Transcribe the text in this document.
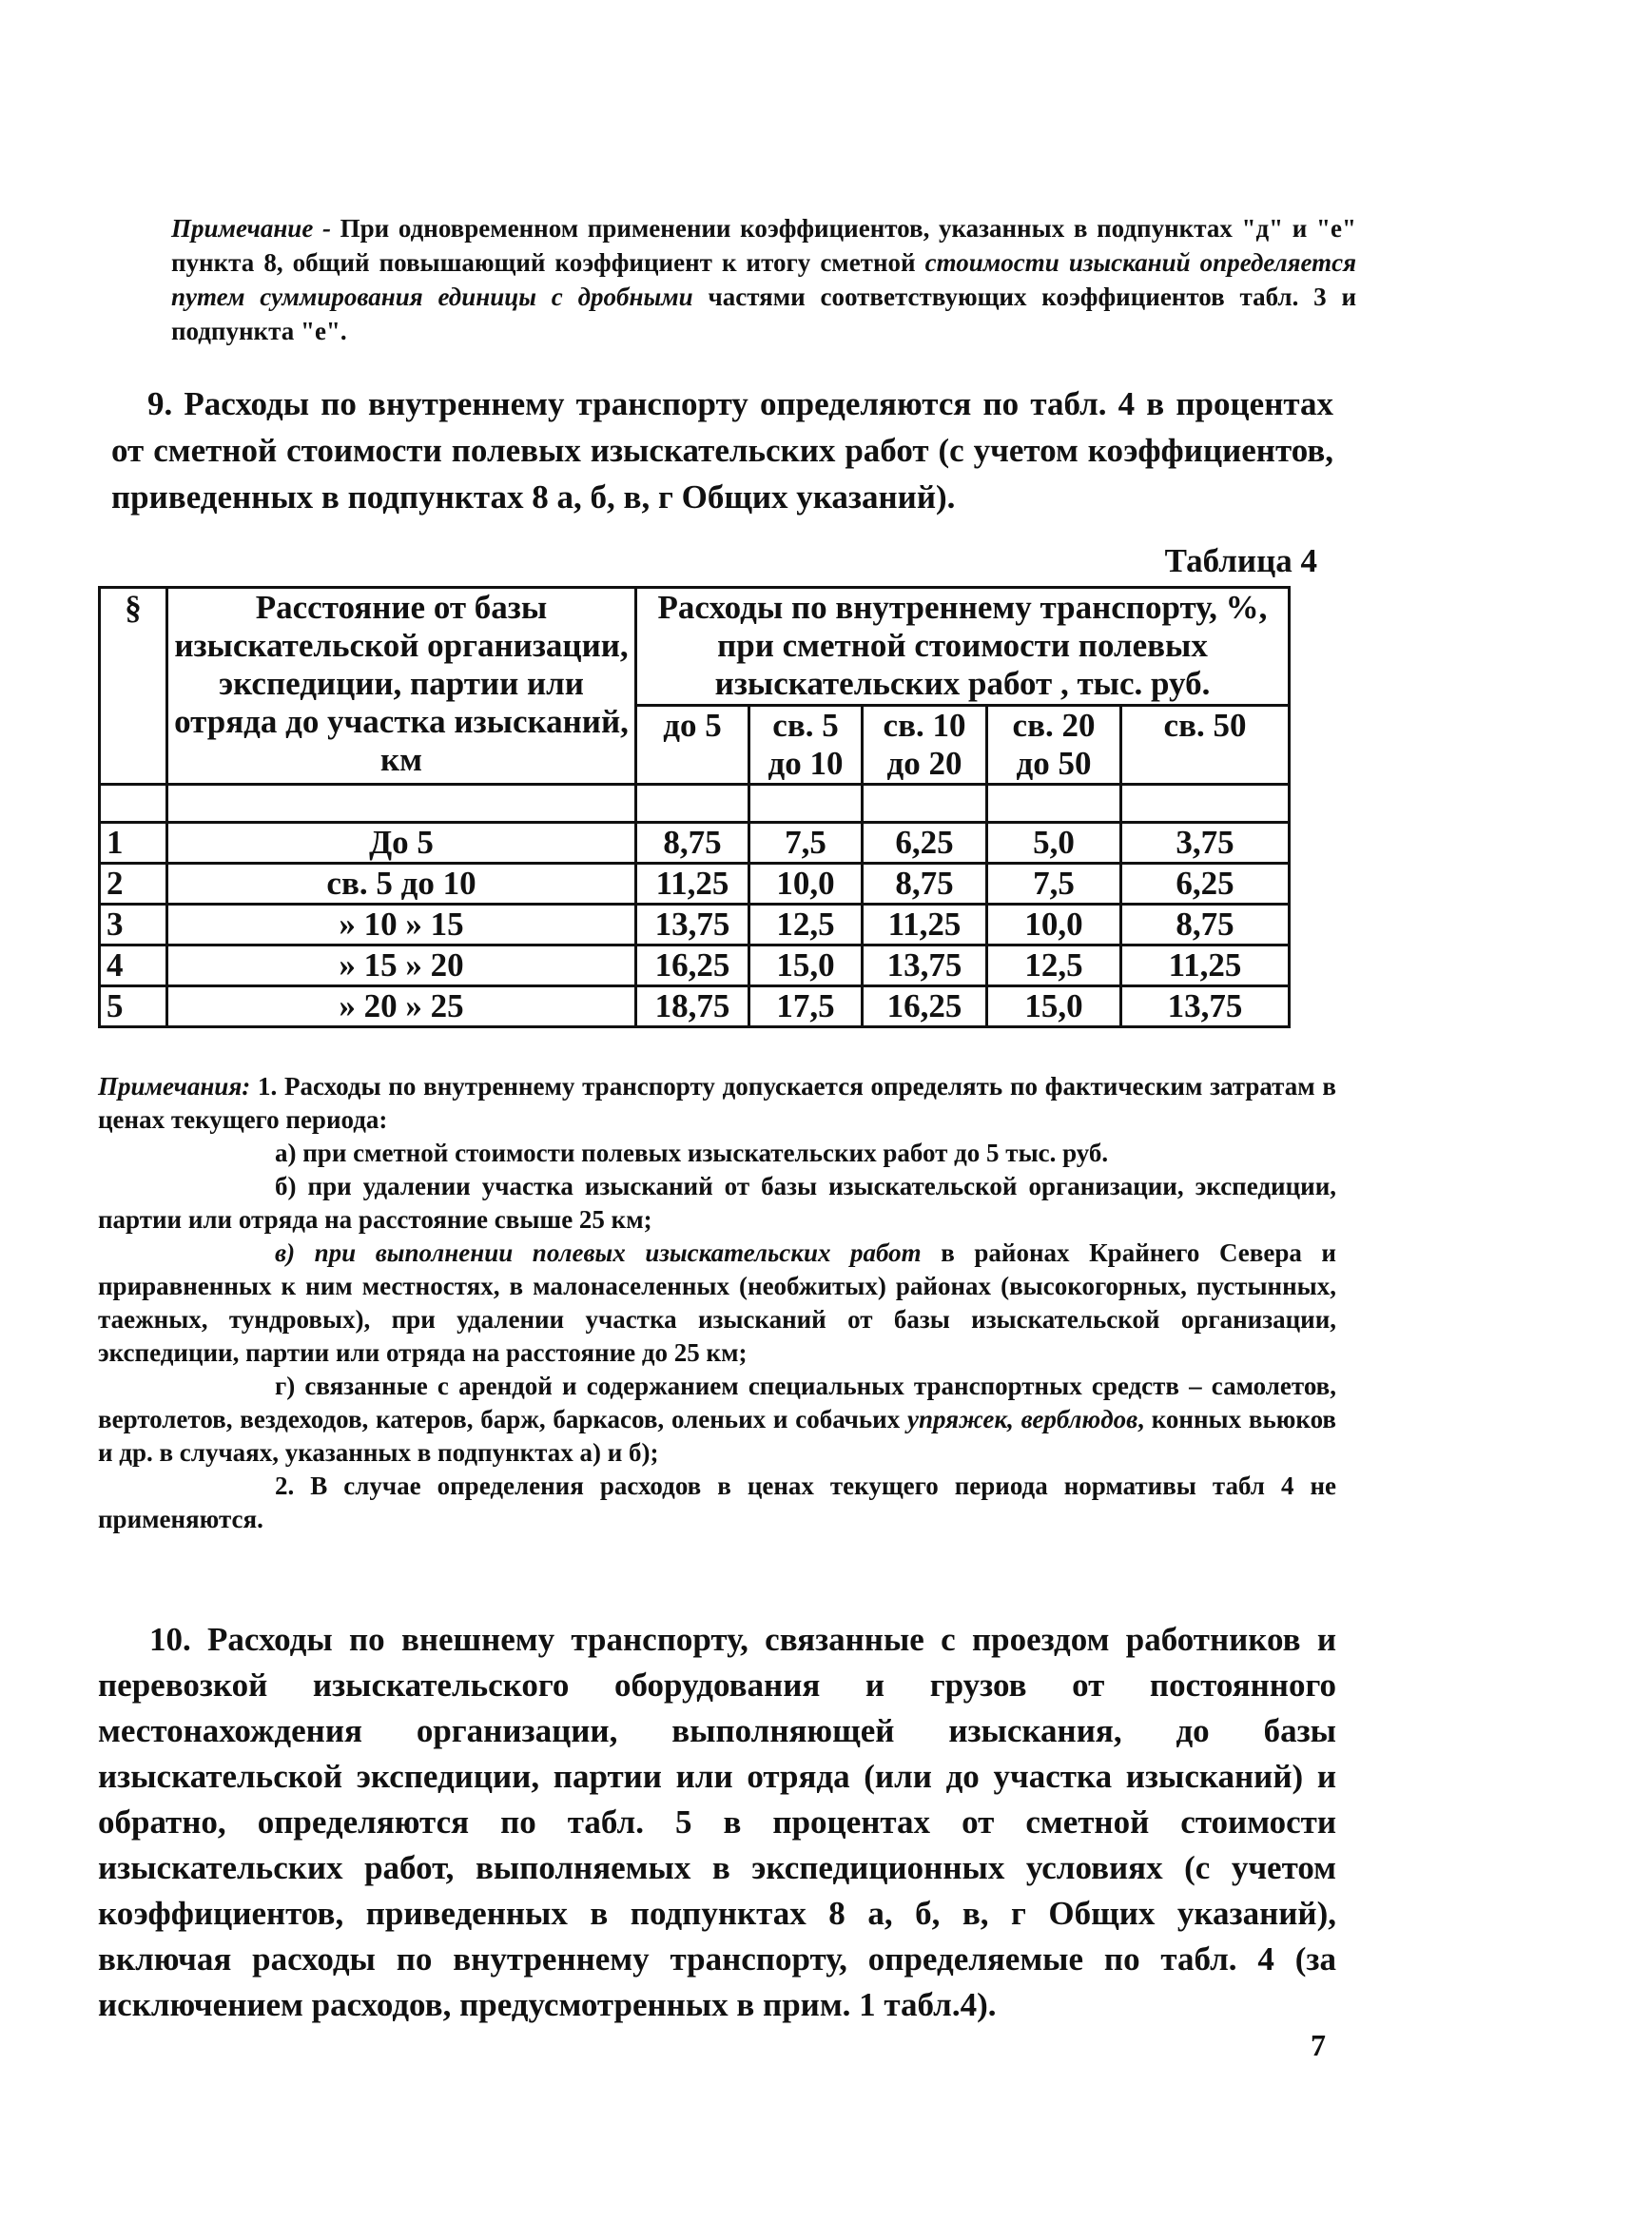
Примечание - При одновременном применении коэффициентов, указанных в подпунктах "д" и "е" пункта 8, общий повышающий коэффициент к итогу сметной стоимости изысканий определяется путем суммирования единицы с дробными частями соответствующих коэффициентов табл. 3 и подпункта "е".
9. Расходы по внутреннему транспорту определяются по табл. 4 в процентах от сметной стоимости полевых изыскательских работ (с учетом коэффициентов, приведенных в подпунктах 8 а, б, в, г Общих указаний).
Таблица 4
§	Расстояние от базы изыскательской организации, экспедиции, партии или отряда до участка изысканий, км	Расходы по внутреннему транспорту, %, при сметной стоимости полевых изыскательских работ , тыс. руб.				
		до 5	св. 5 до 10	св. 10 до 20	св. 20 до 50	св. 50

1	До 5	8,75	7,5	6,25	5,0	3,75
2	св. 5 до 10	11,25	10,0	8,75	7,5	6,25
3	» 10 » 15	13,75	12,5	11,25	10,0	8,75
4	» 15 » 20	16,25	15,0	13,75	12,5	11,25
5	» 20 » 25	18,75	17,5	16,25	15,0	13,75

Примечания: 1. Расходы по внутреннему транспорту допускается определять по фактическим затратам в ценах текущего периода:

а) при сметной стоимости полевых изыскательских работ до 5 тыс. руб.

б) при удалении участка изысканий от базы изыскательской организации, экспедиции, партии или отряда на расстояние свыше 25 км;

в) при выполнении полевых изыскательских работ в районах Крайнего Севера и приравненных к ним местностях, в малонаселенных (необжитых) районах (высокогорных, пустынных, таежных, тундровых), при удалении участка изысканий от базы изыскательской организации, экспедиции, партии или отряда на расстояние до 25 км;

г) связанные с арендой и содержанием специальных транспортных средств – самолетов, вертолетов, вездеходов, катеров, барж, баркасов, оленьих и собачьих упряжек, верблюдов, конных вьюков и др. в случаях, указанных в подпунктах а) и б);

2. В случае определения расходов в ценах текущего периода нормативы табл 4 не применяются.

10. Расходы по внешнему транспорту, связанные с проездом работников и перевозкой изыскательского оборудования и грузов от постоянного местонахождения организации, выполняющей изыскания, до базы изыскательской экспедиции, партии или отряда (или до участка изысканий) и обратно, определяются по табл. 5 в процентах от сметной стоимости изыскательских работ, выполняемых в экспедиционных условиях (с учетом коэффициентов, приведенных в подпунктах 8 а, б, в, г Общих указаний), включая расходы по внутреннему транспорту, определяемые по табл. 4 (за исключением расходов, предусмотренных в прим. 1 табл.4).
7
